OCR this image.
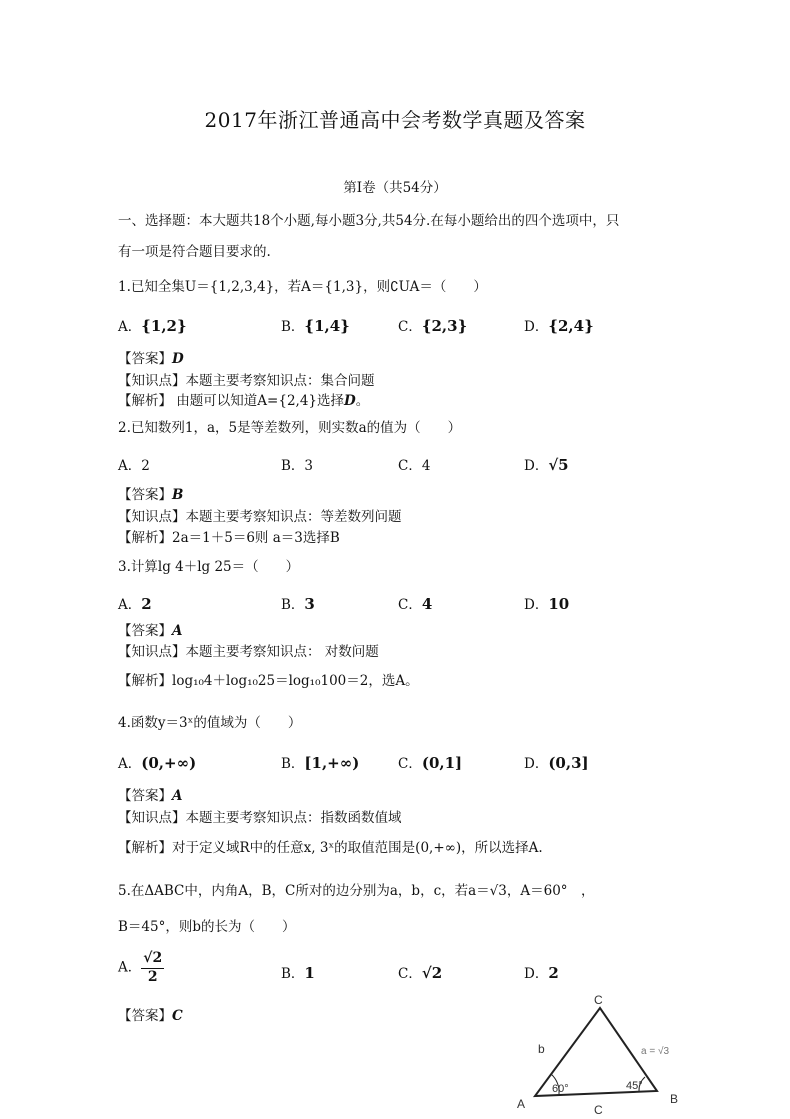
2017年浙江普通高中会考数学真题及答案
第Ⅰ卷（共54分）
一、选择题：本大题共18个小题,每小题3分,共54分.在每小题给出的四个选项中，只
有一项是符合题目要求的.
1.已知全集U＝{1,2,3,4}，若A＝{1,3}，则∁UA＝（　　）
A．{1,2}	B．{1,4}	C．{2,3}	D．{2,4}
【答案】D
【知识点】本题主要考察知识点：集合问题
【解析】 由题可以知道A={2,4}选择D。
2.已知数列1，a，5是等差数列，则实数a的值为（　　）
A．2	B．3	C．4	D．√5
【答案】B
【知识点】本题主要考察知识点：等差数列问题
【解析】2a＝1＋5＝6则 a＝3选择B
3.计算lg 4＋lg 25＝（　　）
A．2	B．3	C．4	D．10
【答案】A
【知识点】本题主要考察知识点： 对数问题
【解析】log₁₀4＋log₁₀25＝log₁₀100＝2，选A。
4.函数y＝3ˣ的值域为（　　）
A．(0,+∞)	B．[1,+∞)	C．(0,1]	D．(0,3]
【答案】A
【知识点】本题主要考察知识点：指数函数值域
【解析】对于定义域R中的任意x, 3ˣ的取值范围是(0,+∞)，所以选择A.
5.在ΔABC中，内角A，B，C所对的边分别为a，b，c，若a＝√3，A＝60°　，
B＝45°，则b的长为（　　）
A． $\frac{√2}{2}$	B．1	C．√2	D．2
【答案】C
C
A	B
b	a = √3
C
60°	45°
